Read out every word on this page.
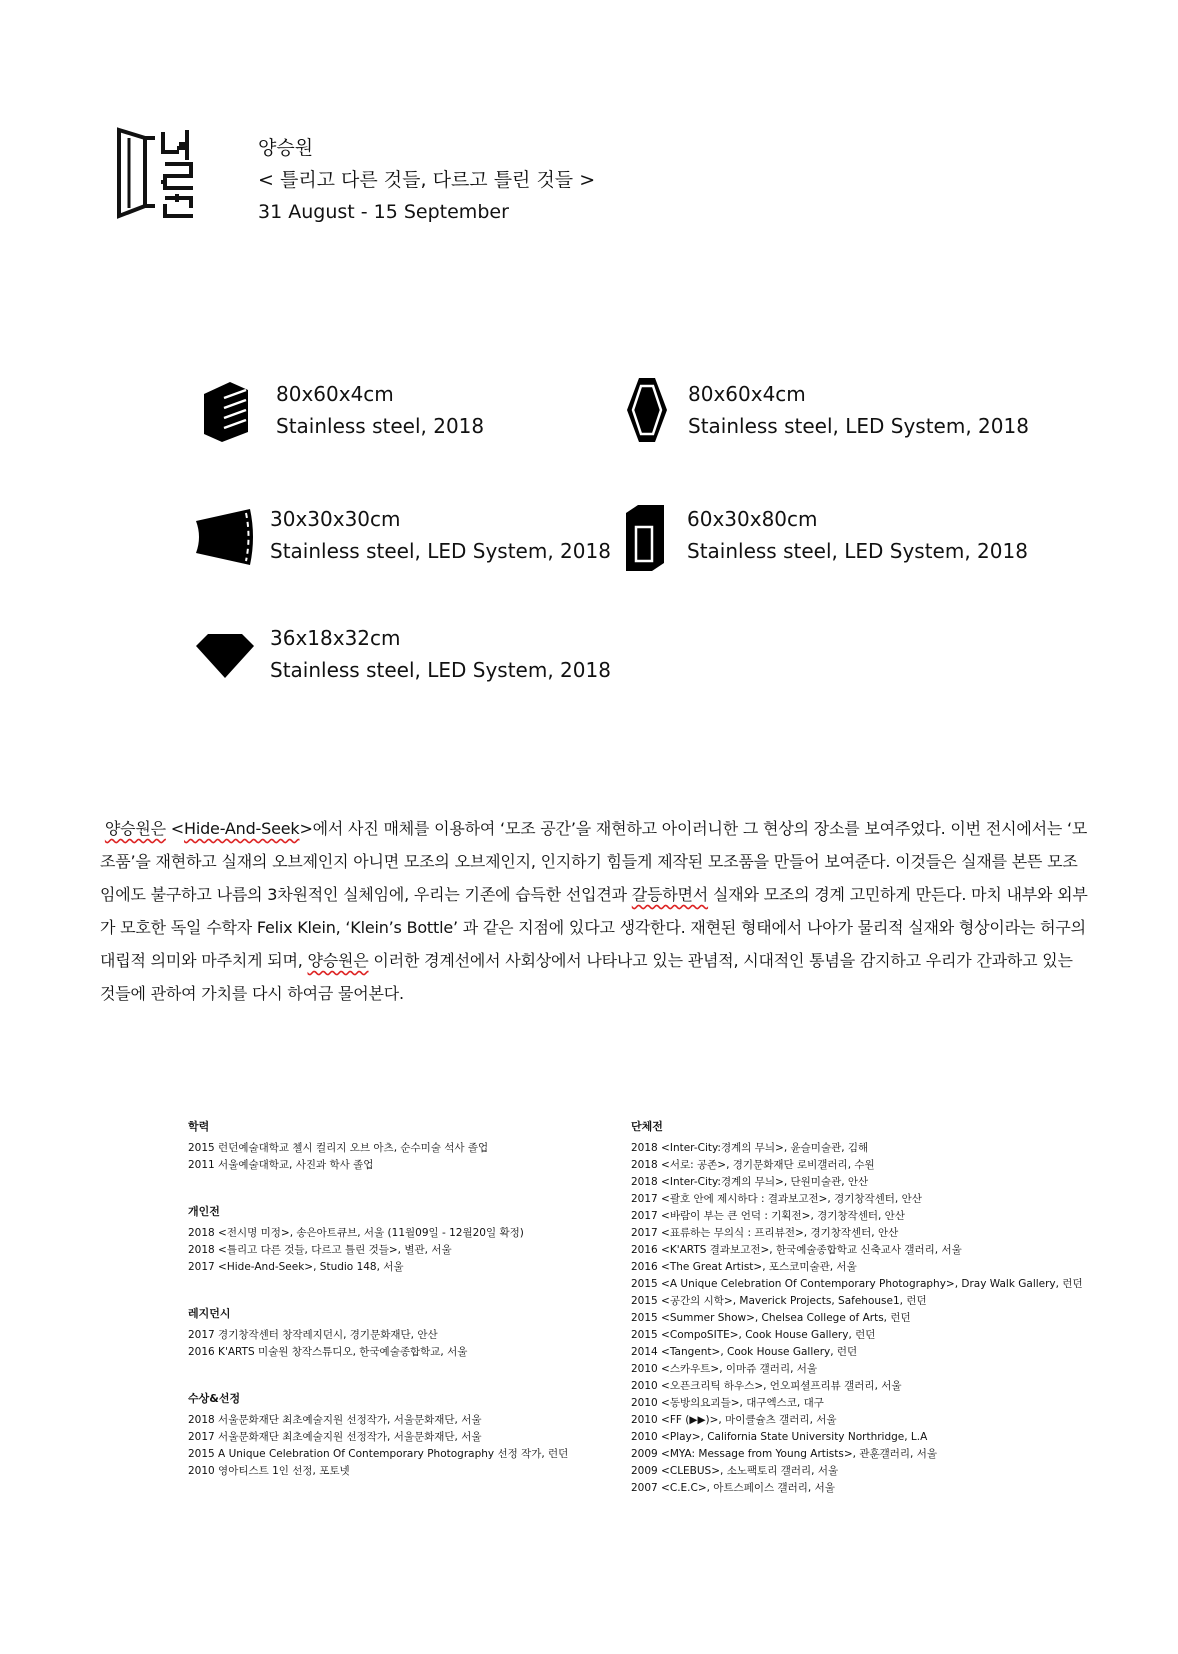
양승원
< 틀리고 다른 것들, 다르고 틀린 것들 >
31 August - 15 September
80x60x4cm
Stainless steel, 2018
80x60x4cm
Stainless steel, LED System, 2018
30x30x30cm
Stainless steel, LED System, 2018
60x30x80cm
Stainless steel, LED System, 2018
36x18x32cm
Stainless steel, LED System, 2018
양승원은 <Hide-And-Seek>에서 사진 매체를 이용하여 ‘모조 공간’을 재현하고 아이러니한 그 현상의 장소를 보여주었다. 이번 전시에서는 ‘모조품’을 재현하고 실재의 오브제인지 아니면 모조의 오브제인지, 인지하기 힘들게 제작된 모조품을 만들어 보여준다. 이것들은 실재를 본뜬 모조임에도 불구하고 나름의 3차원적인 실체임에, 우리는 기존에 습득한 선입견과 갈등하면서 실재와 모조의 경계 고민하게 만든다. 마치 내부와 외부가 모호한 독일 수학자 Felix Klein, ‘Klein’s Bottle’ 과 같은 지점에 있다고 생각한다. 재현된 형태에서 나아가 물리적 실재와 형상이라는 허구의 대립적 의미와 마주치게 되며, 양승원은 이러한 경계선에서 사회상에서 나타나고 있는 관념적, 시대적인 통념을 감지하고 우리가 간과하고 있는 것들에 관하여 가치를 다시 하여금 물어본다.
학력
2015 런던예술대학교 첼시 컬리지 오브 아츠, 순수미술 석사 졸업
2011 서울예술대학교, 사진과 학사 졸업
개인전
2018 <전시명 미정>, 송은아트큐브, 서울 (11월09일 - 12월20일 확정)
2018 <틀리고 다른 것들, 다르고 틀린 것들>, 별관, 서울
2017 <Hide-And-Seek>, Studio 148, 서울
레지던시
2017 경기창작센터 창작레지던시, 경기문화재단, 안산
2016 K'ARTS 미술원 창작스튜디오, 한국예술종합학교, 서울
수상&선정
2018 서울문화재단 최초예술지원 선정작가, 서울문화재단, 서울
2017 서울문화재단 최초예술지원 선정작가, 서울문화재단, 서울
2015 A Unique Celebration Of Contemporary Photography 선정 작가, 런던
2010 영아티스트 1인 선정, 포토넷
단체전
2018 <Inter-City:경계의 무늬>, 윤슬미술관, 김해
2018 <서로: 공존>, 경기문화재단 로비갤러리, 수원
2018 <Inter-City:경계의 무늬>, 단원미술관, 안산
2017 <괄호 안에 제시하다 : 결과보고전>, 경기창작센터, 안산
2017 <바람이 부는 큰 언덕 : 기획전>, 경기창작센터, 안산
2017 <표류하는 무의식 : 프리뷰전>, 경기창작센터, 안산
2016 <K'ARTS 결과보고전>, 한국예술종합학교 신축교사 갤러리, 서울
2016 <The Great Artist>, 포스코미술관, 서울
2015 <A Unique Celebration Of Contemporary Photography>, Dray Walk Gallery, 런던
2015 <공간의 시학>, Maverick Projects, Safehouse1, 런던
2015 <Summer Show>, Chelsea College of Arts, 런던
2015 <CompoSITE>, Cook House Gallery, 런던
2014 <Tangent>, Cook House Gallery, 런던
2010 <스카우트>, 이마쥬 갤러리, 서울
2010 <오픈크리틱 하우스>, 언오피셜프리뷰 갤러리, 서울
2010 <동방의요괴들>, 대구엑스코, 대구
2010 <FF (▶▶)>, 마이클슐츠 갤러리, 서울
2010 <Play>, California State University Northridge, L.A
2009 <MYA: Message from Young Artists>, 관훈갤러리, 서울
2009 <CLEBUS>, 소노팩토리 갤러리, 서울
2007 <C.E.C>, 아트스페이스 갤러리, 서울
